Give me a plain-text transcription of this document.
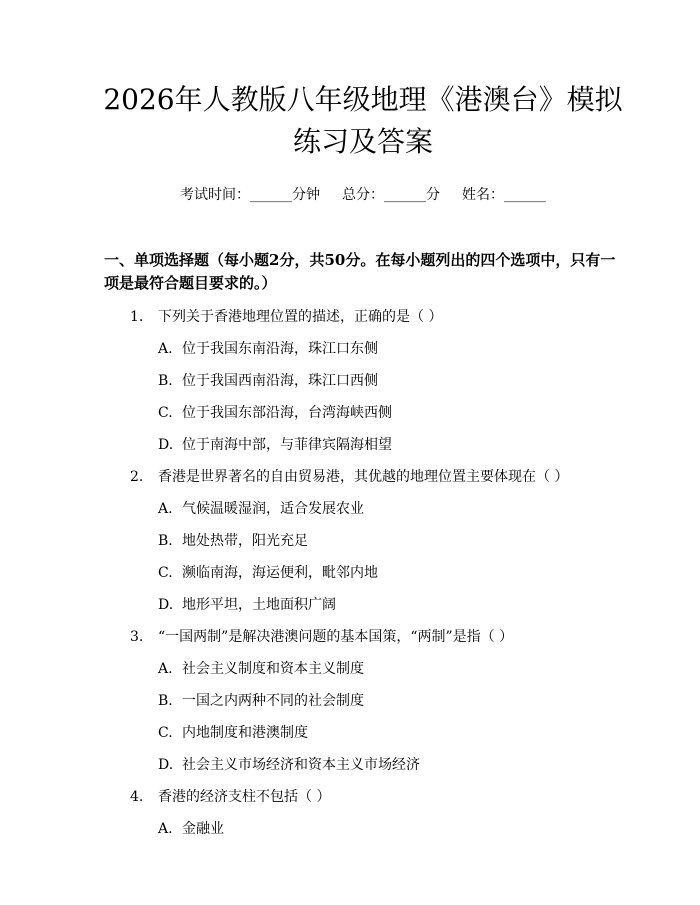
2026年人教版八年级地理《港澳台》模拟练习及答案
考试时间：______分钟 总分：______分 姓名：______
一、单项选择题（每小题2分，共50分。在每小题列出的四个选项中，只有一项是最符合题目要求的。）
1.	下列关于香港地理位置的描述，正确的是（ ）
A. 位于我国东南沿海，珠江口东侧
B. 位于我国西南沿海，珠江口西侧
C. 位于我国东部沿海，台湾海峡西侧
D. 位于南海中部，与菲律宾隔海相望
2.	香港是世界著名的自由贸易港，其优越的地理位置主要体现在（ ）
A. 气候温暖湿润，适合发展农业
B. 地处热带，阳光充足
C. 濒临南海，海运便利，毗邻内地
D. 地形平坦，土地面积广阔
3.	“一国两制”是解决港澳问题的基本国策，“两制”是指（ ）
A. 社会主义制度和资本主义制度
B. 一国之内两种不同的社会制度
C. 内地制度和港澳制度
D. 社会主义市场经济和资本主义市场经济
4.	香港的经济支柱不包括（ ）
A. 金融业
